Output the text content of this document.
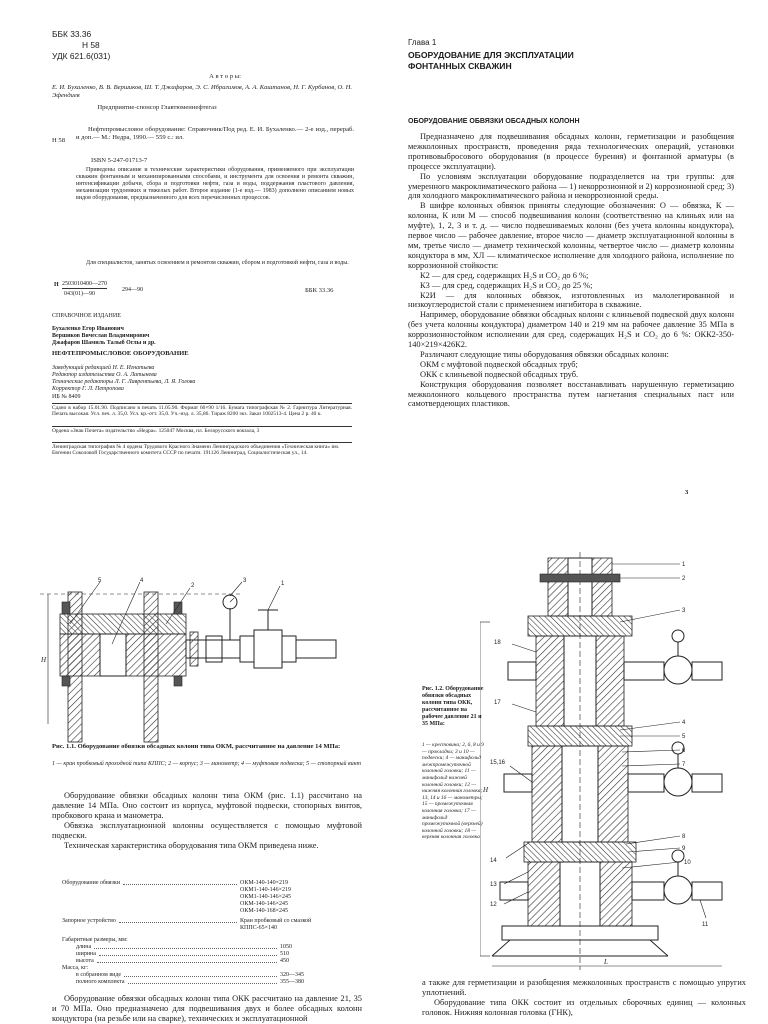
ББК 33.36
Н 58
УДК 621.6(031)
А в т о р ы:
Е. И. Бухаленко, В. В. Вершиков, Ш. Т. Джафаров, Э. С. Ибрагимов, А. А. Каштанов, Н. Г. Курбанов, О. Н. Эфендиев
Предприятие-спонсор Главтюменнефтегаз
Н 58
Нефтепромысловое оборудование: Справочник/Под ред. Е. И. Бухаленко.— 2-е изд., перераб. и доп.— М.: Недра, 1990.— 559 с.: ил.
ISBN 5-247-01713-7
Приведены описание и технические характеристики оборудования, применяемого при эксплуатации скважин фонтанным и механизированными способами, и инструмента для освоения и ремонта скважин, интенсификации добычи, сбора и подготовки нефти, газа и воды, поддержания пластового давления, механизации трудоемких и тяжелых работ. Второе издание (1-е изд.— 1983) дополнено описанием новых видов оборудования, предназначенного для всех перечисленных процессов.
Для специалистов, занятых освоением и ремонтом скважин, сбором и подготовкой нефти, газа и воды.
Н 2503010400—270
043(01)—90
294—90	ББК 33.36
СПРАВОЧНОЕ ИЗДАНИЕ
Бухаленко Егор Иванович
Вершиков Вячеслав Владимирович
Джафаров Шамиль Талыб Оглы и др.
НЕФТЕПРОМЫСЛОВОЕ ОБОРУДОВАНИЕ
Заведующий редакцией Н. Е. Игнатьева
Редактор издательства О. А. Латынева
Технические редакторы Л. Г. Лаврентьева, Л. Я. Голова
Корректор Г. Л. Петропова
ИБ № 8409
Сдано в набор 15.01.90. Подписано в печать 11.05.90. Формат 60×90 1/16. Бумага типографская № 2. Гарнитура Литературная. Печать высокая. Усл. печ. л. 35,0. Усл. кр.-отт. 35,0. Уч.-изд. л. 35,86. Тираж 8200 экз. Заказ 1002513-4. Цена 2 р. 40 к.
Ордена «Знак Почета» издательство «Недра». 125047 Москва, пл. Белорусского вокзала, 3
Ленинградская типография № 4 ордена Трудового Красного Знамени Ленинградского объединения «Техническая книга» им. Евгении Соколовой Государственного комитета СССР по печати. 191126 Ленинград, Социалистическая ул., 14.
Глава 1
ОБОРУДОВАНИЕ ДЛЯ ЭКСПЛУАТАЦИИ
ФОНТАННЫХ СКВАЖИН
ОБОРУДОВАНИЕ ОБВЯЗКИ ОБСАДНЫХ КОЛОНН

Предназначено для подвешивания обсадных колонн, герметизации и разобщения межколонных пространств, проведения ряда технологических операций, установки противовыбросового оборудования (в процессе бурения) и фонтанной арматуры (в процессе эксплуатации).

По условиям эксплуатации оборудование подразделяется на три группы: для умеренного макроклиматического района — 1) некоррозионной и 2) коррозионной сред; 3) для холодного макроклиматического района и некоррозионной среды.

В шифре колонных обвязок приняты следующие обозначения: О — обвязка, К — колонна, К или М — способ подвешивания колонн (соответственно на клиньях или на муфте), 1, 2, 3 и т. д. — число подвешиваемых колонн (без учета колонны кондуктора), первое число — рабочее давление, второе число — диаметр эксплуатационной колонны в мм, третье число — диаметр технической колонны, четвертое число — диаметр колонны кондуктора в мм, ХЛ — климатическое исполнение для холодного района, исполнение по коррозионной стойкости:

К2 — для сред, содержащих H₂S и CO₂ до 6 %;

К3 — для сред, содержащих H₂S и CO₂ до 25 %;

К2И — для колонных обвязок, изготовленных из малолегированной и низкоуглеродистой стали с применением ингибитора в скважине.

Например, оборудование обвязки обсадных колонн с клиньевой подвеской двух колонн (без учета колонны кондуктора) диаметром 140 и 219 мм на рабочее давление 35 МПа в коррозионностойком исполнении для сред, содержащих H₂S и CO₂ до 6 %: ОКК2-350-140×219×426К2.

Различают следующие типы оборудования обвязки обсадных колонн:

ОКМ с муфтовой подвеской обсадных труб;

ОКК с клиньевой подвеской обсадных труб.

Конструкция оборудования позволяет восстанавливать нарушенную герметизацию межколонного кольцевого пространства путем нагнетания специальных паст или самотвердеющих пластиков.

3
Н
1
2
3
4
5
Рис. 1.1. Оборудование обвязки обсадных колонн типа ОКМ, рассчитанное на давление 14 МПа:
1 — кран пробковый проходной типа КППС; 2 — корпус; 3 — манометр; 4 — муфтовая подвеска; 5 — стопорный винт

Оборудование обвязки обсадных колонн типа ОКМ (рис. 1.1) рассчитано на давление 14 МПа. Оно состоит из корпуса, муфтовой подвески, стопорных винтов, пробкового крана и манометра.

Обвязка эксплуатационной колонны осуществляется с помощью муфтовой подвески.

Техническая характеристика оборудования типа ОКМ приведена ниже.

Оборудование обвязки	ОКМ-140-140×219
ОКМ1-140-146×219
ОКМ1-140-146×245
ОКМ-140-146×245
ОКМ-140-168×245
Запорное устройство	Кран пробковый со смазкой
КППС-65×140
Габаритные размеры, мм:
длина	1050
ширина	510
высота	450
Масса, кг:
в собранном виде	320—345
полного комплекта	355—380

Оборудование обвязки обсадных колонн типа ОКК рассчитано на давление 21, 35 и 70 МПа. Оно предназначено для подвешивания двух и более обсадных колонн кондуктора (на резьбе или на сварке), технических и эксплуатационной

Н
L
1
2
3
4
5
6
7
8
9
10
11
12
13
14
15,16
17
18
Рис. 1.2. Оборудование обвязки обсадных колонн типа ОКК, рассчитанное на рабочее давление 21 и 35 МПа:
1 — крестовина; 2, 6, 8 и 9 — прокладки; 3 и 10 — подвески; 4 — манифольд межпромежуточной колонной головки; 11 — манифольд нижней колонной головки; 12 — нижняя колонная головка; 13, 14 и 16 — манометры; 15 — промежуточная колонная головка; 17 — манифольд промежуточной (верхней) колонной головки; 18 — верхняя колонная головка

а также для герметизации и разобщения межколонных пространств с помощью упругих уплотнений.

Оборудование типа ОКК состоит из отдельных сборочных единиц — колонных головок. Нижняя колонная головка (ГНК),
